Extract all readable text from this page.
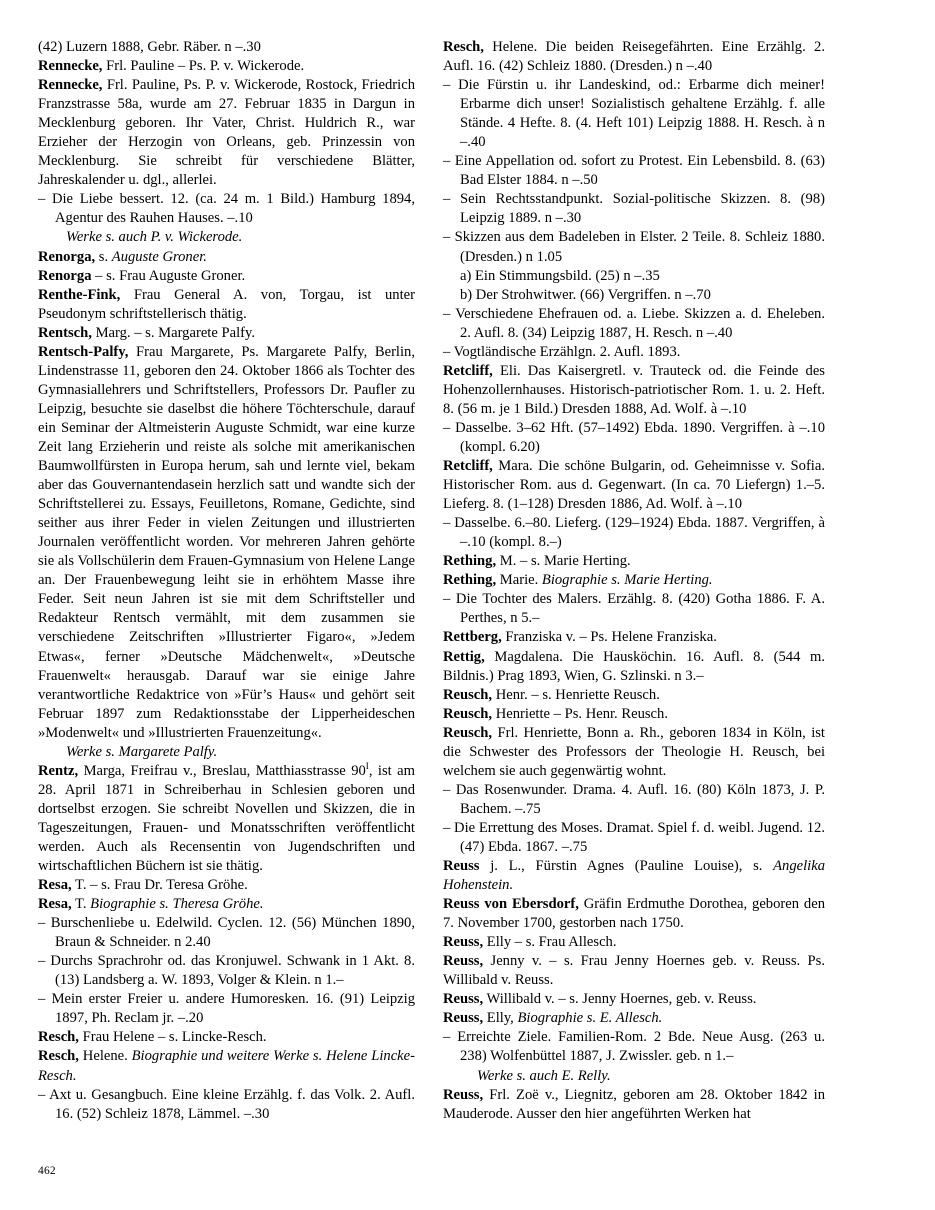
(42) Luzern 1888, Gebr. Räber. n –.30

Rennecke, Frl. Pauline – Ps. P. v. Wickerode.

Rennecke, Frl. Pauline, Ps. P. v. Wickerode, Rostock, Friedrich Franzstrasse 58a, wurde am 27. Februar 1835 in Dargun in Mecklenburg geboren. Ihr Vater, Christ. Huldrich R., war Erzieher der Herzogin von Orleans, geb. Prinzessin von Mecklenburg. Sie schreibt für verschiedene Blätter, Jahreskalender u. dgl., allerlei.

– Die Liebe bessert. 12. (ca. 24 m. 1 Bild.) Hamburg 1894, Agentur des Rauhen Hauses. –.10

Werke s. auch P. v. Wickerode.

Renorga, s. Auguste Groner.

Renorga – s. Frau Auguste Groner.

Renthe-Fink, Frau General A. von, Torgau, ist unter Pseudonym schriftstellerisch thätig.

Rentsch, Marg. – s. Margarete Palfy.

Rentsch-Palfy, Frau Margarete, Ps. Margarete Palfy, Berlin, Lindenstrasse 11, geboren den 24. Oktober 1866 als Tochter des Gymnasiallehrers und Schriftstellers, Professors Dr. Paufler zu Leipzig, besuchte sie daselbst die höhere Töchterschule, darauf ein Seminar der Altmeisterin Auguste Schmidt, war eine kurze Zeit lang Erzieherin und reiste als solche mit amerikanischen Baumwollfürsten in Europa herum, sah und lernte viel, bekam aber das Gouvernantendasein herzlich satt und wandte sich der Schriftstellerei zu. Essays, Feuilletons, Romane, Gedichte, sind seither aus ihrer Feder in vielen Zeitungen und illustrierten Journalen veröffentlicht worden. Vor mehreren Jahren gehörte sie als Vollschülerin dem Frauen-Gymnasium von Helene Lange an. Der Frauenbewegung leiht sie in erhöhtem Masse ihre Feder. Seit neun Jahren ist sie mit dem Schriftsteller und Redakteur Rentsch vermählt, mit dem zusammen sie verschiedene Zeitschriften »Illustrierter Figaro«, »Jedem Etwas«, ferner »Deutsche Mädchenwelt«, »Deutsche Frauenwelt« herausgab. Darauf war sie einige Jahre verantwortliche Redaktrice von »Für’s Haus« und gehört seit Februar 1897 zum Redaktionsstabe der Lipperheideschen »Modenwelt« und »Illustrierten Frauenzeitung«.

Werke s. Margarete Palfy.

Rentz, Marga, Freifrau v., Breslau, Matthiasstrasse $90^I$, ist am 28. April 1871 in Schreiberhau in Schlesien geboren und dortselbst erzogen. Sie schreibt Novellen und Skizzen, die in Tageszeitungen, Frauen- und Monatsschriften veröffentlicht werden. Auch als Recensentin von Jugendschriften und wirtschaftlichen Büchern ist sie thätig.

Resa, T. – s. Frau Dr. Teresa Gröhe.

Resa, T. Biographie s. Theresa Gröhe.

– Burschenliebe u. Edelwild. Cyclen. 12. (56) München 1890, Braun & Schneider. n 2.40

– Durchs Sprachrohr od. das Kronjuwel. Schwank in 1 Akt. 8. (13) Landsberg a. W. 1893, Volger & Klein. n 1.–

– Mein erster Freier u. andere Humoresken. 16. (91) Leipzig 1897, Ph. Reclam jr. –.20

Resch, Frau Helene – s. Lincke-Resch.

Resch, Helene. Biographie und weitere Werke s. Helene Lincke-Resch.

– Axt u. Gesangbuch. Eine kleine Erzählg. f. das Volk. 2. Aufl. 16. (52) Schleiz 1878, Lämmel. –.30

Resch, Helene. Die beiden Reisegefährten. Eine Erzählg. 2. Aufl. 16. (42) Schleiz 1880. (Dresden.) n –.40

– Die Fürstin u. ihr Landeskind, od.: Erbarme dich meiner! Erbarme dich unser! Sozialistisch gehaltene Erzählg. f. alle Stände. 4 Hefte. 8. (4. Heft 101) Leipzig 1888. H. Resch. à n –.40

– Eine Appellation od. sofort zu Protest. Ein Lebensbild. 8. (63) Bad Elster 1884. n –.50

– Sein Rechtsstandpunkt. Sozial-politische Skizzen. 8. (98) Leipzig 1889. n –.30

– Skizzen aus dem Badeleben in Elster. 2 Teile. 8. Schleiz 1880. (Dresden.) n 1.05

a) Ein Stimmungsbild. (25) n –.35

b) Der Strohwitwer. (66) Vergriffen. n –.70

– Verschiedene Ehefrauen od. a. Liebe. Skizzen a. d. Eheleben. 2. Aufl. 8. (34) Leipzig 1887, H. Resch. n –.40

– Vogtländische Erzählgn. 2. Aufl. 1893.

Retcliff, Eli. Das Kaisergretl. v. Trauteck od. die Feinde des Hohenzollernhauses. Historisch-patriotischer Rom. 1. u. 2. Heft. 8. (56 m. je 1 Bild.) Dresden 1888, Ad. Wolf. à –.10

– Dasselbe. 3–62 Hft. (57–1492) Ebda. 1890. Vergriffen. à –.10 (kompl. 6.20)

Retcliff, Mara. Die schöne Bulgarin, od. Geheimnisse v. Sofia. Historischer Rom. aus d. Gegenwart. (In ca. 70 Liefergn) 1.–5. Lieferg. 8. (1–128) Dresden 1886, Ad. Wolf. à –.10

– Dasselbe. 6.–80. Lieferg. (129–1924) Ebda. 1887. Vergriffen, à –.10 (kompl. 8.–)

Rething, M. – s. Marie Herting.

Rething, Marie. Biographie s. Marie Herting.

– Die Tochter des Malers. Erzählg. 8. (420) Gotha 1886. F. A. Perthes, n 5.–

Rettberg, Franziska v. – Ps. Helene Franziska.

Rettig, Magdalena. Die Hausköchin. 16. Aufl. 8. (544 m. Bildnis.) Prag 1893, Wien, G. Szlinski. n 3.–

Reusch, Henr. – s. Henriette Reusch.

Reusch, Henriette – Ps. Henr. Reusch.

Reusch, Frl. Henriette, Bonn a. Rh., geboren 1834 in Köln, ist die Schwester des Professors der Theologie H. Reusch, bei welchem sie auch gegenwärtig wohnt.

– Das Rosenwunder. Drama. 4. Aufl. 16. (80) Köln 1873, J. P. Bachem. –.75

– Die Errettung des Moses. Dramat. Spiel f. d. weibl. Jugend. 12. (47) Ebda. 1867. –.75

Reuss j. L., Fürstin Agnes (Pauline Louise), s. Angelika Hohenstein.

Reuss von Ebersdorf, Gräfin Erdmuthe Dorothea, geboren den 7. November 1700, gestorben nach 1750.

Reuss, Elly – s. Frau Allesch.

Reuss, Jenny v. – s. Frau Jenny Hoernes geb. v. Reuss. Ps. Willibald v. Reuss.

Reuss, Willibald v. – s. Jenny Hoernes, geb. v. Reuss.

Reuss, Elly, Biographie s. E. Allesch.

– Erreichte Ziele. Familien-Rom. 2 Bde. Neue Ausg. (263 u. 238) Wolfenbüttel 1887, J. Zwissler. geb. n 1.–

Werke s. auch E. Relly.

Reuss, Frl. Zoë v., Liegnitz, geboren am 28. Oktober 1842 in Mauderode. Ausser den hier angeführten Werken hat

462
